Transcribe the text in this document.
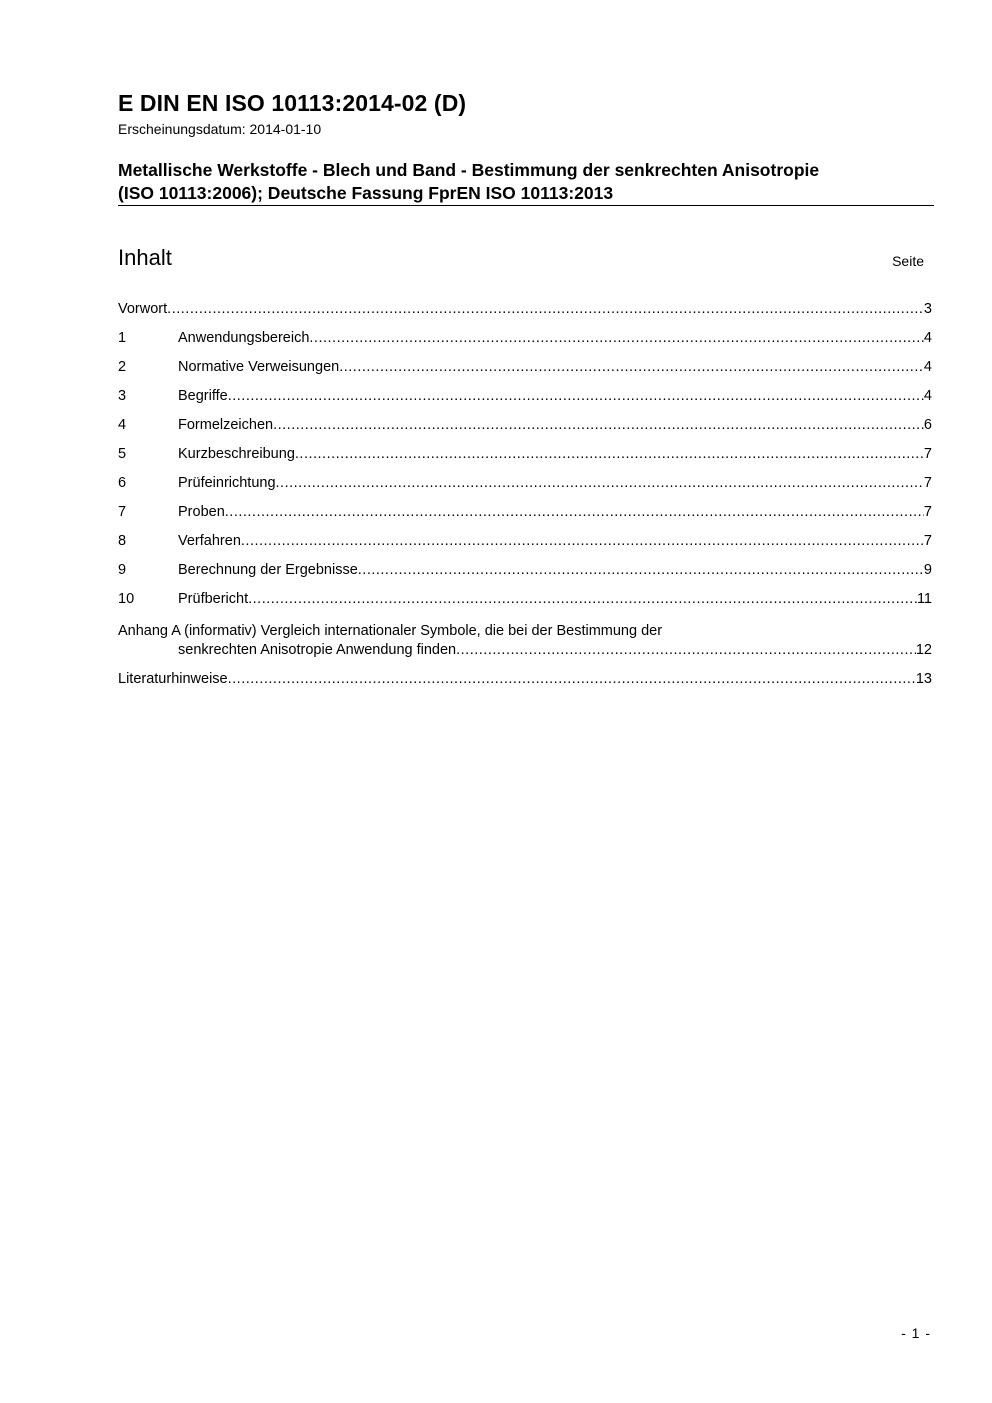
E DIN EN ISO 10113:2014-02 (D)
Erscheinungsdatum: 2014-01-10
Metallische Werkstoffe - Blech und Band - Bestimmung der senkrechten Anisotropie
(ISO 10113:2006); Deutsche Fassung FprEN ISO 10113:2013
Inhalt	Seite
Vorwort .....	3
1	Anwendungsbereich .....	4
2	Normative Verweisungen .....	4
3	Begriffe .....	4
4	Formelzeichen .....	6
5	Kurzbeschreibung .....	7
6	Prüfeinrichtung .....	7
7	Proben .....	7
8	Verfahren .....	7
9	Berechnung der Ergebnisse .....	9
10	Prüfbericht .....	11
Anhang A (informativ) Vergleich internationaler Symbole, die bei der Bestimmung der
senkrechten Anisotropie Anwendung finden .....	12
Literaturhinweise .....	13
- 1 -
